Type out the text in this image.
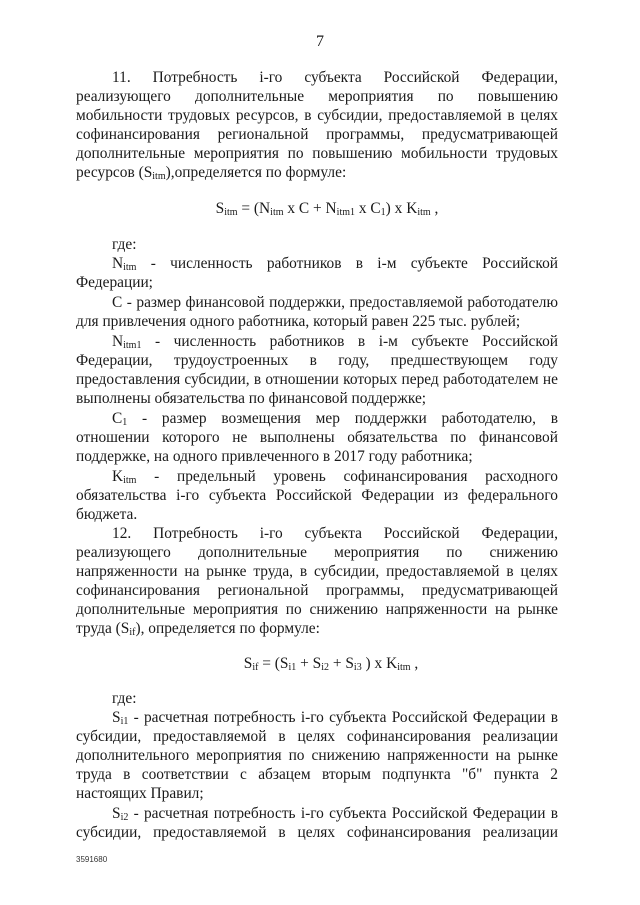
7

11. Потребность i-го субъекта Российской Федерации, реализующего дополнительные мероприятия по повышению мобильности трудовых ресурсов, в субсидии, предоставляемой в целях софинансирования региональной программы, предусматривающей дополнительные мероприятия по повышению мобильности трудовых ресурсов $(S_{itm}),определяется$ по формуле:

$S_{itm} = (N_{itm}$ x $C + N_{itm1}$ x $C_1$) x $K_{itm}$ ,

где:

$N_{itm}$ - численность работников в i-м субъекте Российской Федерации;

C - размер финансовой поддержки, предоставляемой работодателю для привлечения одного работника, который равен 225 тыс. рублей;

$N_{itm1}$ - численность работников в i-м субъекте Российской Федерации, трудоустроенных в году, предшествующем году предоставления субсидии, в отношении которых перед работодателем не выполнены обязательства по финансовой поддержке;

$C_1$ - размер возмещения мер поддержки работодателю, в отношении которого не выполнены обязательства по финансовой поддержке, на одного привлеченного в 2017 году работника;

$K_{itm}$ - предельный уровень софинансирования расходного обязательства i-го субъекта Российской Федерации из федерального бюджета.

12. Потребность i-го субъекта Российской Федерации, реализующего дополнительные мероприятия по снижению напряженности на рынке труда, в субсидии, предоставляемой в целях софинансирования региональной программы, предусматривающей дополнительные мероприятия по снижению напряженности на рынке труда $(S_{if})$, определяется по формуле:

$S_{if} = (S_{i1} + S_{i2} + S_{i3}$ ) x $K_{itm}$ ,

где:

$S_{i1}$ - расчетная потребность i-го субъекта Российской Федерации в субсидии, предоставляемой в целях софинансирования реализации дополнительного мероприятия по снижению напряженности на рынке труда в соответствии с абзацем вторым подпункта "б" пункта 2 настоящих Правил;

$S_{i2}$ - расчетная потребность i-го субъекта Российской Федерации в субсидии, предоставляемой в целях софинансирования реализации

3591680
